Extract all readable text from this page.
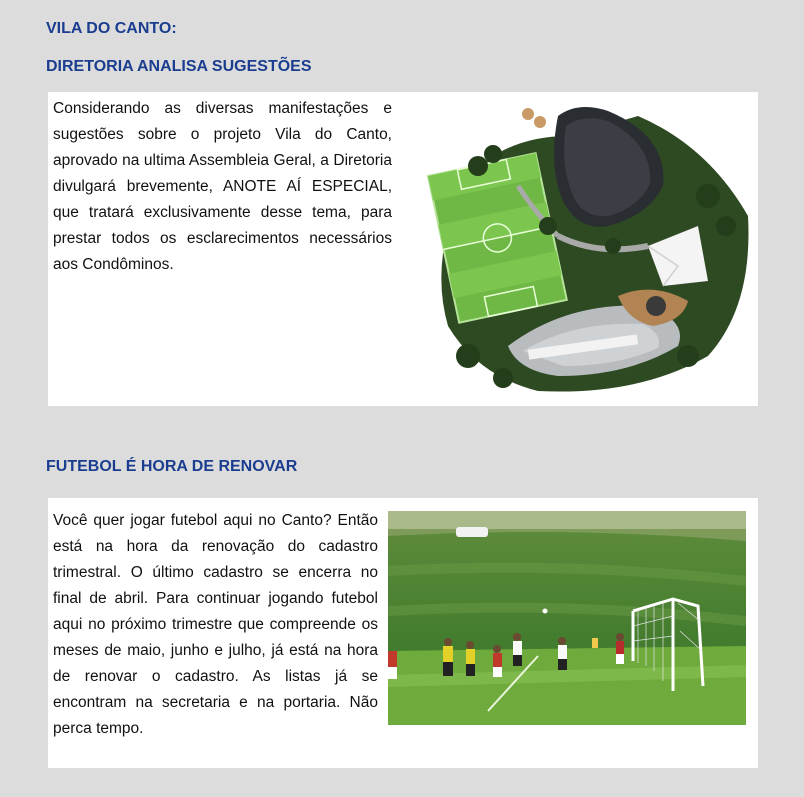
VILA DO CANTO:
DIRETORIA ANALISA SUGESTÕES

Considerando as diversas manifestações e sugestões sobre o projeto Vila do Canto, aprovado na ultima Assembleia Geral, a Diretoria divulgará brevemente, ANOTE AÍ ESPECIAL, que tratará exclusivamente desse tema, para prestar todos os esclarecimentos necessários aos Condôminos.

FUTEBOL É HORA DE RENOVAR

Você quer jogar futebol aqui no Canto? Então está na hora da renovação do cadastro trimestral. O último cadastro se encerra no final de abril. Para continuar jogando futebol aqui no próximo trimestre que compreende os meses de maio, junho e julho, já está na hora de renovar o cadastro. As listas já se encontram na secretaria e na portaria. Não perca tempo.
